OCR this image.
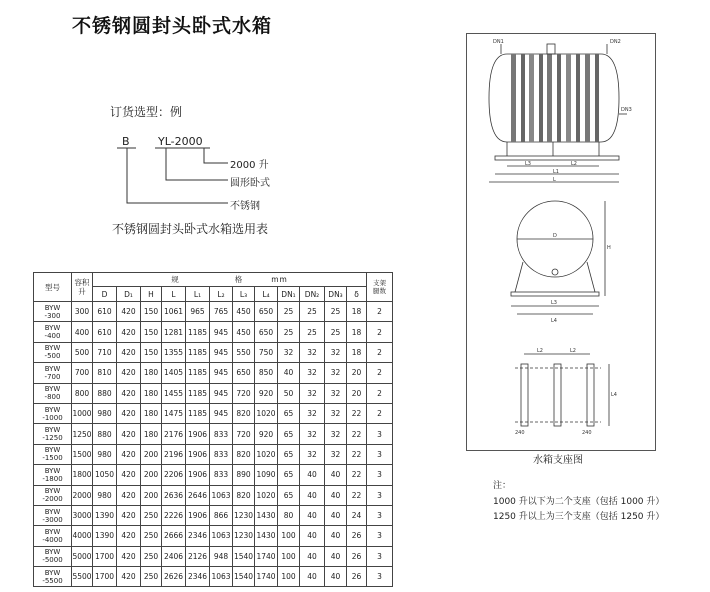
不锈钢圆封头卧式水箱
订货选型：例
B	YL-2000
2000 升
圆形卧式
不锈钢
不锈钢圆封头卧式水箱选用表
型号	容积
升	规 格 mm												支架
腿数
		D	D₁	H	L	L₁	L₂	L₃	L₄	DN₁	DN₂	DN₃	δ	
BYW
-300	300	610	420	150	1061	965	765	450	650	25	25	25	18	2
BYW
-400	400	610	420	150	1281	1185	945	450	650	25	25	25	18	2
BYW
-500	500	710	420	150	1355	1185	945	550	750	32	32	32	18	2
BYW
-700	700	810	420	180	1405	1185	945	650	850	40	32	32	20	2
BYW
-800	800	880	420	180	1455	1185	945	720	920	50	32	32	20	2
BYW
-1000	1000	980	420	180	1475	1185	945	820	1020	65	32	32	22	2
BYW
-1250	1250	880	420	180	2176	1906	833	720	920	65	32	32	22	3
BYW
-1500	1500	980	420	200	2196	1906	833	820	1020	65	32	32	22	3
BYW
-1800	1800	1050	420	200	2206	1906	833	890	1090	65	40	40	22	3
BYW
-2000	2000	980	420	200	2636	2646	1063	820	1020	65	40	40	22	3
BYW
-3000	3000	1390	420	250	2226	1906	866	1230	1430	80	40	40	24	3
BYW
-4000	4000	1390	420	250	2666	2346	1063	1230	1430	100	40	40	26	3
BYW
-5000	5000	1700	420	250	2406	2126	948	1540	1740	100	40	40	26	3
BYW
-5500	5500	1700	420	250	2626	2346	1063	1540	1740	100	40	40	26	3
DN1	DN2
DN3
L3	L2
L1
L
D
H
L3
L4
L2	L2
L4
240	240
水箱支座图
注：
1000 升以下为二个支座（包括 1000 升）
1250 升以上为三个支座（包括 1250 升）
